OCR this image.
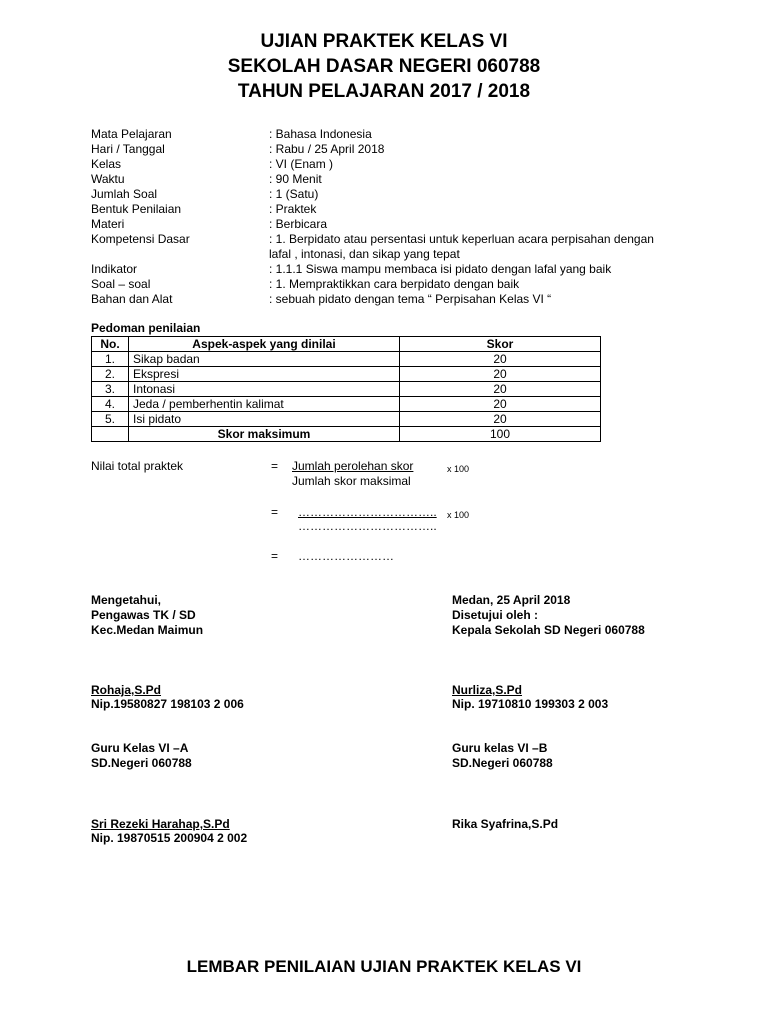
UJIAN PRAKTEK KELAS VI
SEKOLAH DASAR NEGERI 060788
TAHUN PELAJARAN 2017 / 2018
Mata Pelajaran	: Bahasa Indonesia
Hari / Tanggal	: Rabu / 25 April 2018
Kelas	: VI (Enam )
Waktu	: 90 Menit
Jumlah Soal	: 1 (Satu)
Bentuk Penilaian	: Praktek
Materi	: Berbicara
Kompetensi Dasar	: 1. Berpidato atau persentasi untuk keperluan acara perpisahan dengan lafal , intonasi, dan sikap yang tepat
Indikator	: 1.1.1 Siswa mampu membaca isi pidato dengan lafal yang baik
Soal – soal	: 1. Mempraktikkan cara berpidato dengan baik
Bahan dan Alat	: sebuah pidato dengan tema “ Perpisahan Kelas VI “
Pedoman penilaian
No.	Aspek-aspek yang dinilai	Skor
1.	Sikap badan	20
2.	Ekspresi	20
3.	Intonasi	20
4.	Jeda / pemberhentin kalimat	20
5.	Isi pidato	20
	Skor maksimum	100
Nilai total praktek	= Jumlah perolehan skor
Jumlah skor maksimal
x 100
= ……………………………..
……………………………..
x 100
= ……………………
Mengetahui,
Pengawas TK / SD
Kec.Medan Maimun
Medan, 25 April 2018
Disetujui oleh :
Kepala Sekolah SD Negeri 060788
Rohaja,S.Pd
Nip.19580827 198103 2 006
Nurliza,S.Pd
Nip. 19710810 199303 2 003
Guru Kelas VI –A
SD.Negeri 060788
Guru kelas VI –B
SD.Negeri 060788
Sri Rezeki Harahap,S.Pd
Nip. 19870515 200904 2 002
Rika Syafrina,S.Pd
LEMBAR PENILAIAN UJIAN PRAKTEK KELAS VI
